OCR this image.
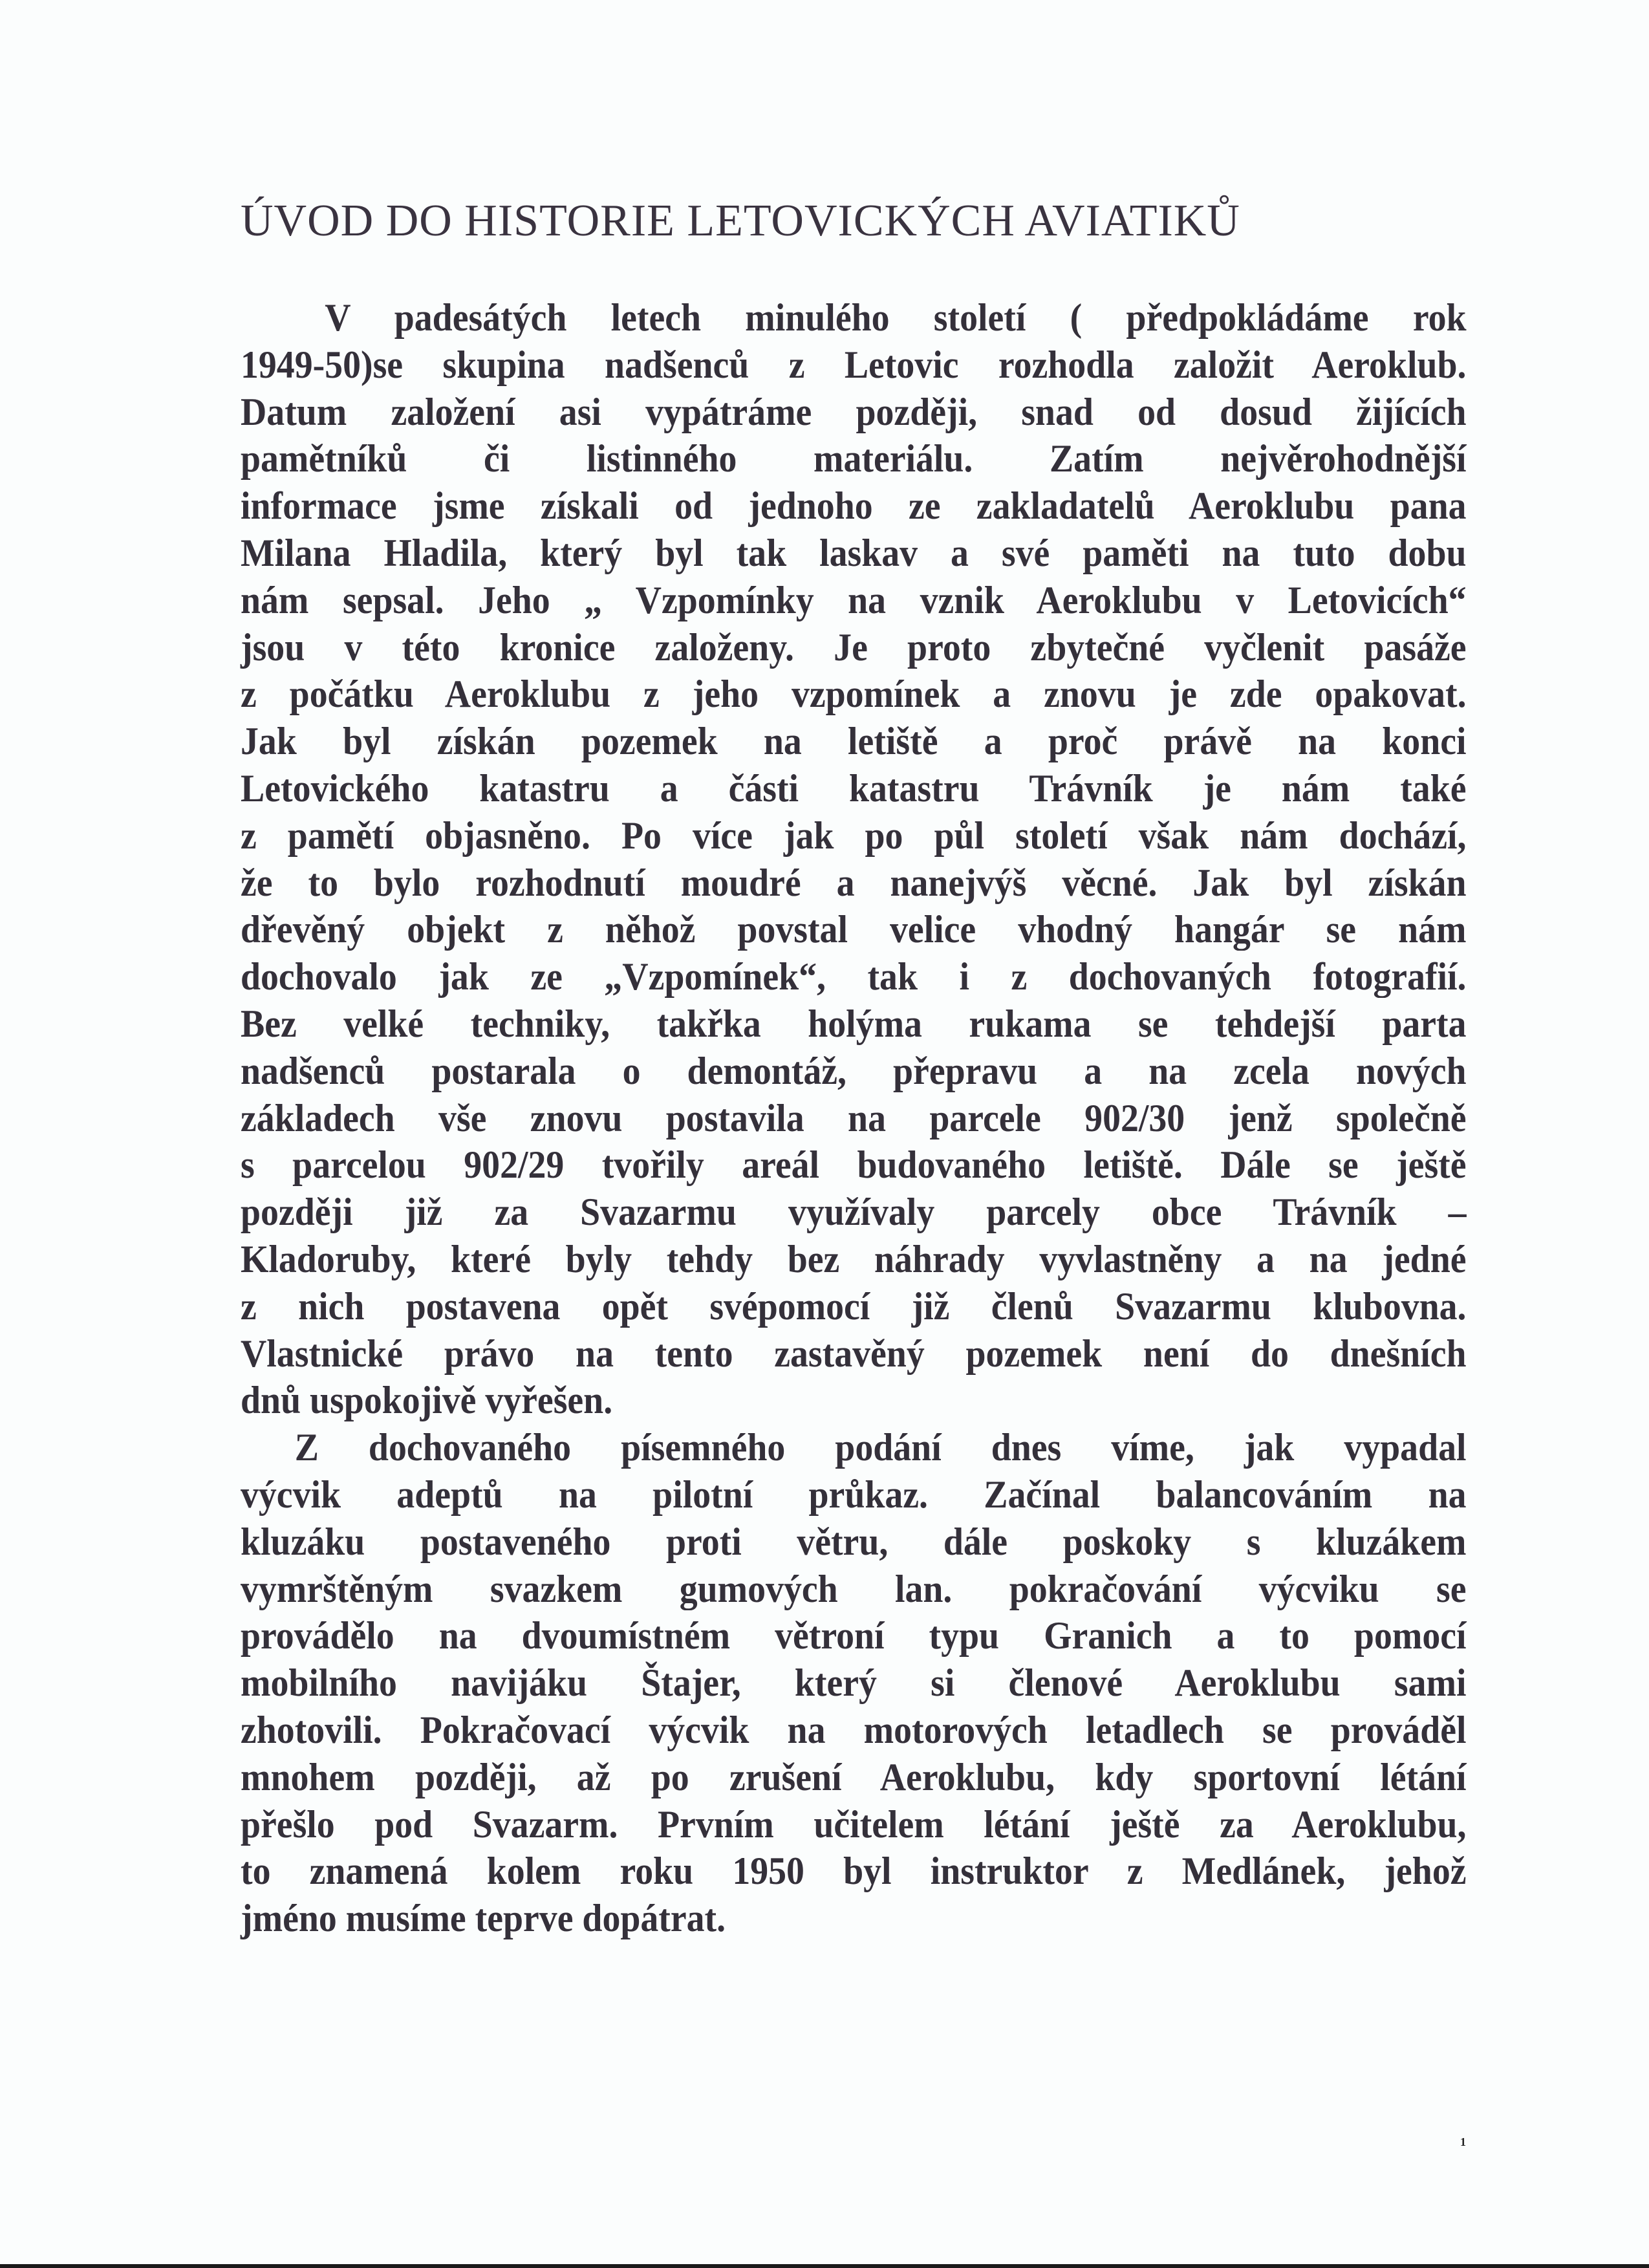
ÚVOD DO HISTORIE LETOVICKÝCH AVIATIKŮ
V padesátých letech minulého století ( předpokládáme rok
1949-50)se skupina nadšenců z Letovic rozhodla založit Aeroklub.
Datum založení asi vypátráme později, snad od dosud žijících
pamětníků či listinného materiálu. Zatím nejvěrohodnější
informace jsme získali od jednoho ze zakladatelů Aeroklubu pana
Milana Hladila, který byl tak laskav a své paměti na tuto dobu
nám sepsal. Jeho „ Vzpomínky na vznik Aeroklubu v Letovicích“
jsou v této kronice založeny. Je proto zbytečné vyčlenit pasáže
z počátku Aeroklubu z jeho vzpomínek a znovu je zde opakovat.
Jak byl získán pozemek na letiště a proč právě na konci
Letovického katastru a části katastru Trávník je nám také
z pamětí objasněno. Po více jak po půl století však nám dochází,
že to bylo rozhodnutí moudré a nanejvýš věcné. Jak byl získán
dřevěný objekt z něhož povstal velice vhodný hangár se nám
dochovalo jak ze „Vzpomínek“, tak i z dochovaných fotografií.
Bez velké techniky, takřka holýma rukama se tehdejší parta
nadšenců postarala o demontáž, přepravu a na zcela nových
základech vše znovu postavila na parcele 902/30 jenž společně
s parcelou 902/29 tvořily areál budovaného letiště. Dále se ještě
později již za Svazarmu využívaly parcely obce Trávník –
Kladoruby, které byly tehdy bez náhrady vyvlastněny a na jedné
z nich postavena opět svépomocí již členů Svazarmu klubovna.
Vlastnické právo na tento zastavěný pozemek není do dnešních
dnů uspokojivě vyřešen.
Z dochovaného písemného podání dnes víme, jak vypadal
výcvik adeptů na pilotní průkaz. Začínal balancováním na
kluzáku postaveného proti větru, dále poskoky s kluzákem
vymrštěným svazkem gumových lan. pokračování výcviku se
provádělo na dvoumístném větroní typu Granich a to pomocí
mobilního navijáku Štajer, který si členové Aeroklubu sami
zhotovili. Pokračovací výcvik na motorových letadlech se prováděl
mnohem později, až po zrušení Aeroklubu, kdy sportovní létání
přešlo pod Svazarm. Prvním učitelem létání ještě za Aeroklubu,
to znamená kolem roku 1950 byl instruktor z Medlánek, jehož
jméno musíme teprve dopátrat.
1
